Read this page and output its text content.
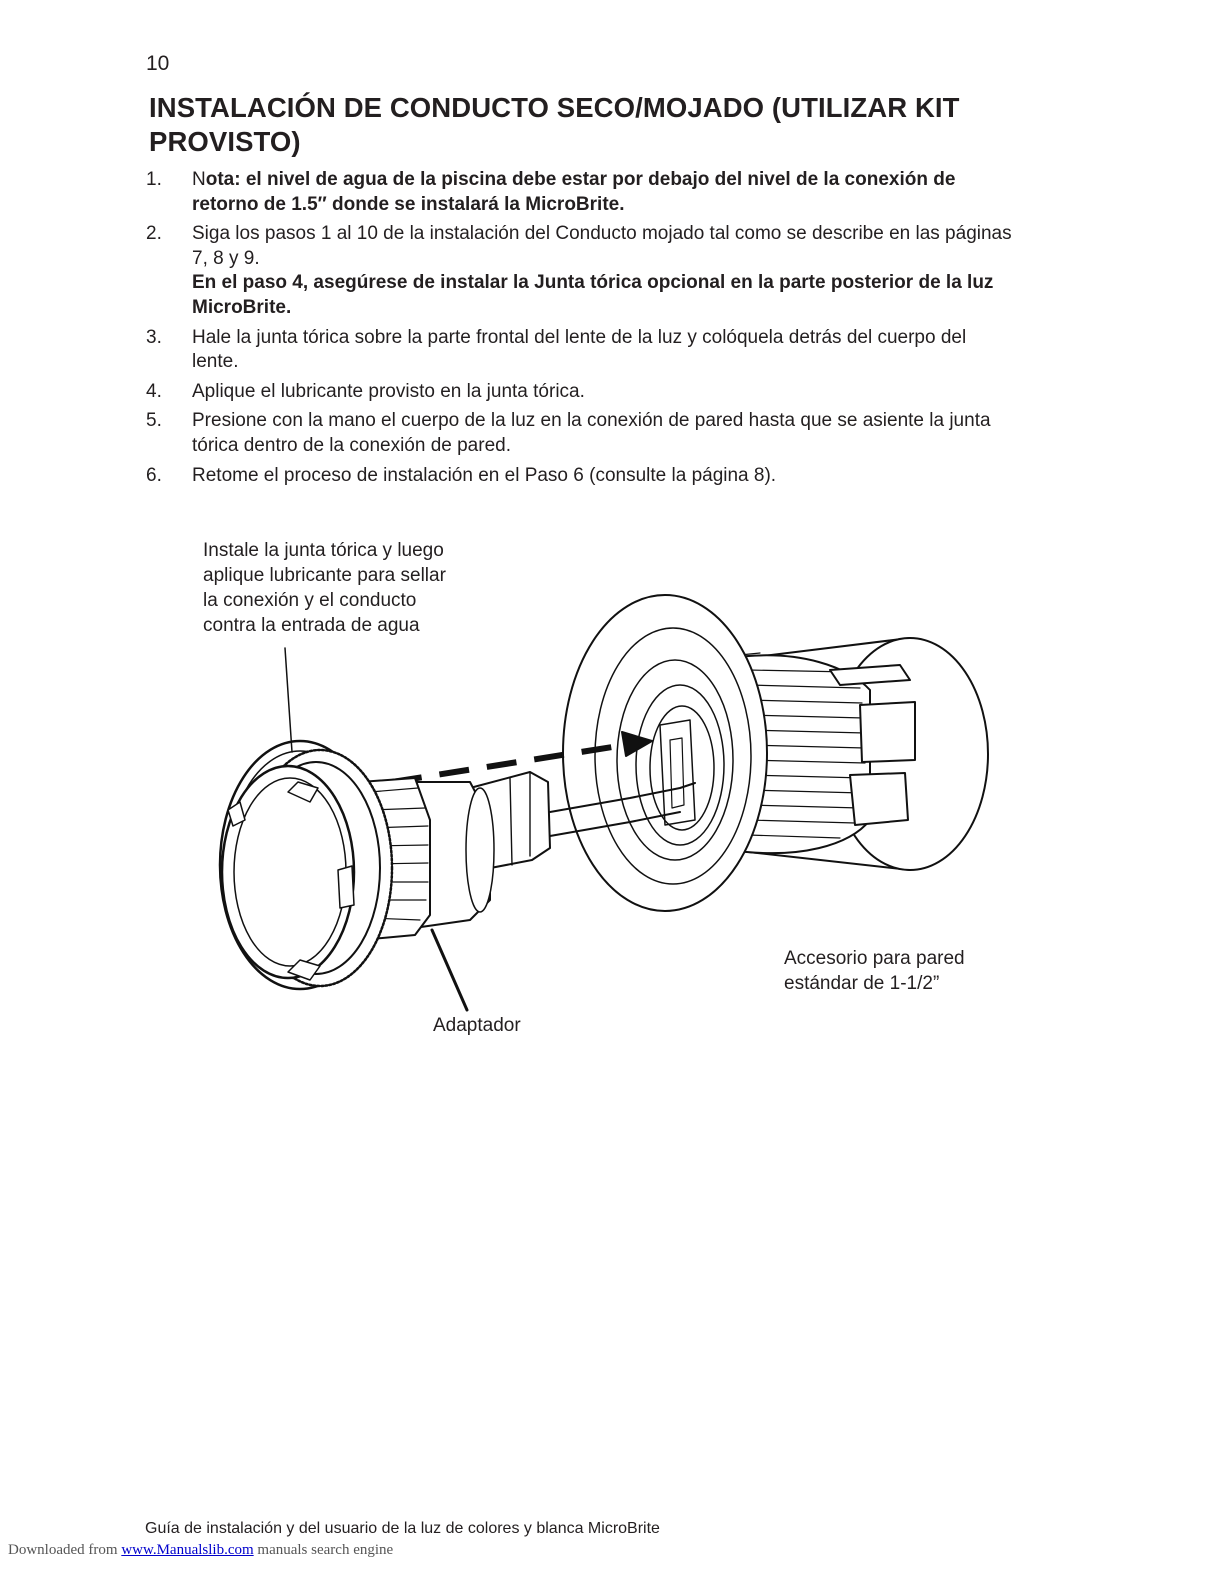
10
INSTALACIÓN DE CONDUCTO SECO/MOJADO (UTILIZAR KIT PROVISTO)
1. Nota: el nivel de agua de la piscina debe estar por debajo del nivel de la conexión de retorno de 1.5″ donde se instalará la MicroBrite.
2. Siga los pasos 1 al 10 de la instalación del Conducto mojado tal como se describe en las páginas 7, 8 y 9.
En el paso 4, asegúrese de instalar la Junta tórica opcional en la parte posterior de la luz MicroBrite.
3. Hale la junta tórica sobre la parte frontal del lente de la luz y colóquela detrás del cuerpo del lente.
4. Aplique el lubricante provisto en la junta tórica.
5. Presione con la mano el cuerpo de la luz en la conexión de pared hasta que se asiente la junta tórica dentro de la conexión de pared.
6. Retome el proceso de instalación en el Paso 6 (consulte la página 8).
Instale la junta tórica y luego
aplique lubricante para sellar
la conexión y el conducto
contra la entrada de agua
Adaptador
Accesorio para pared
estándar de 1-1/2”
Guía de instalación y del usuario de la luz de colores y blanca MicroBrite
Downloaded from www.Manualslib.com manuals search engine
